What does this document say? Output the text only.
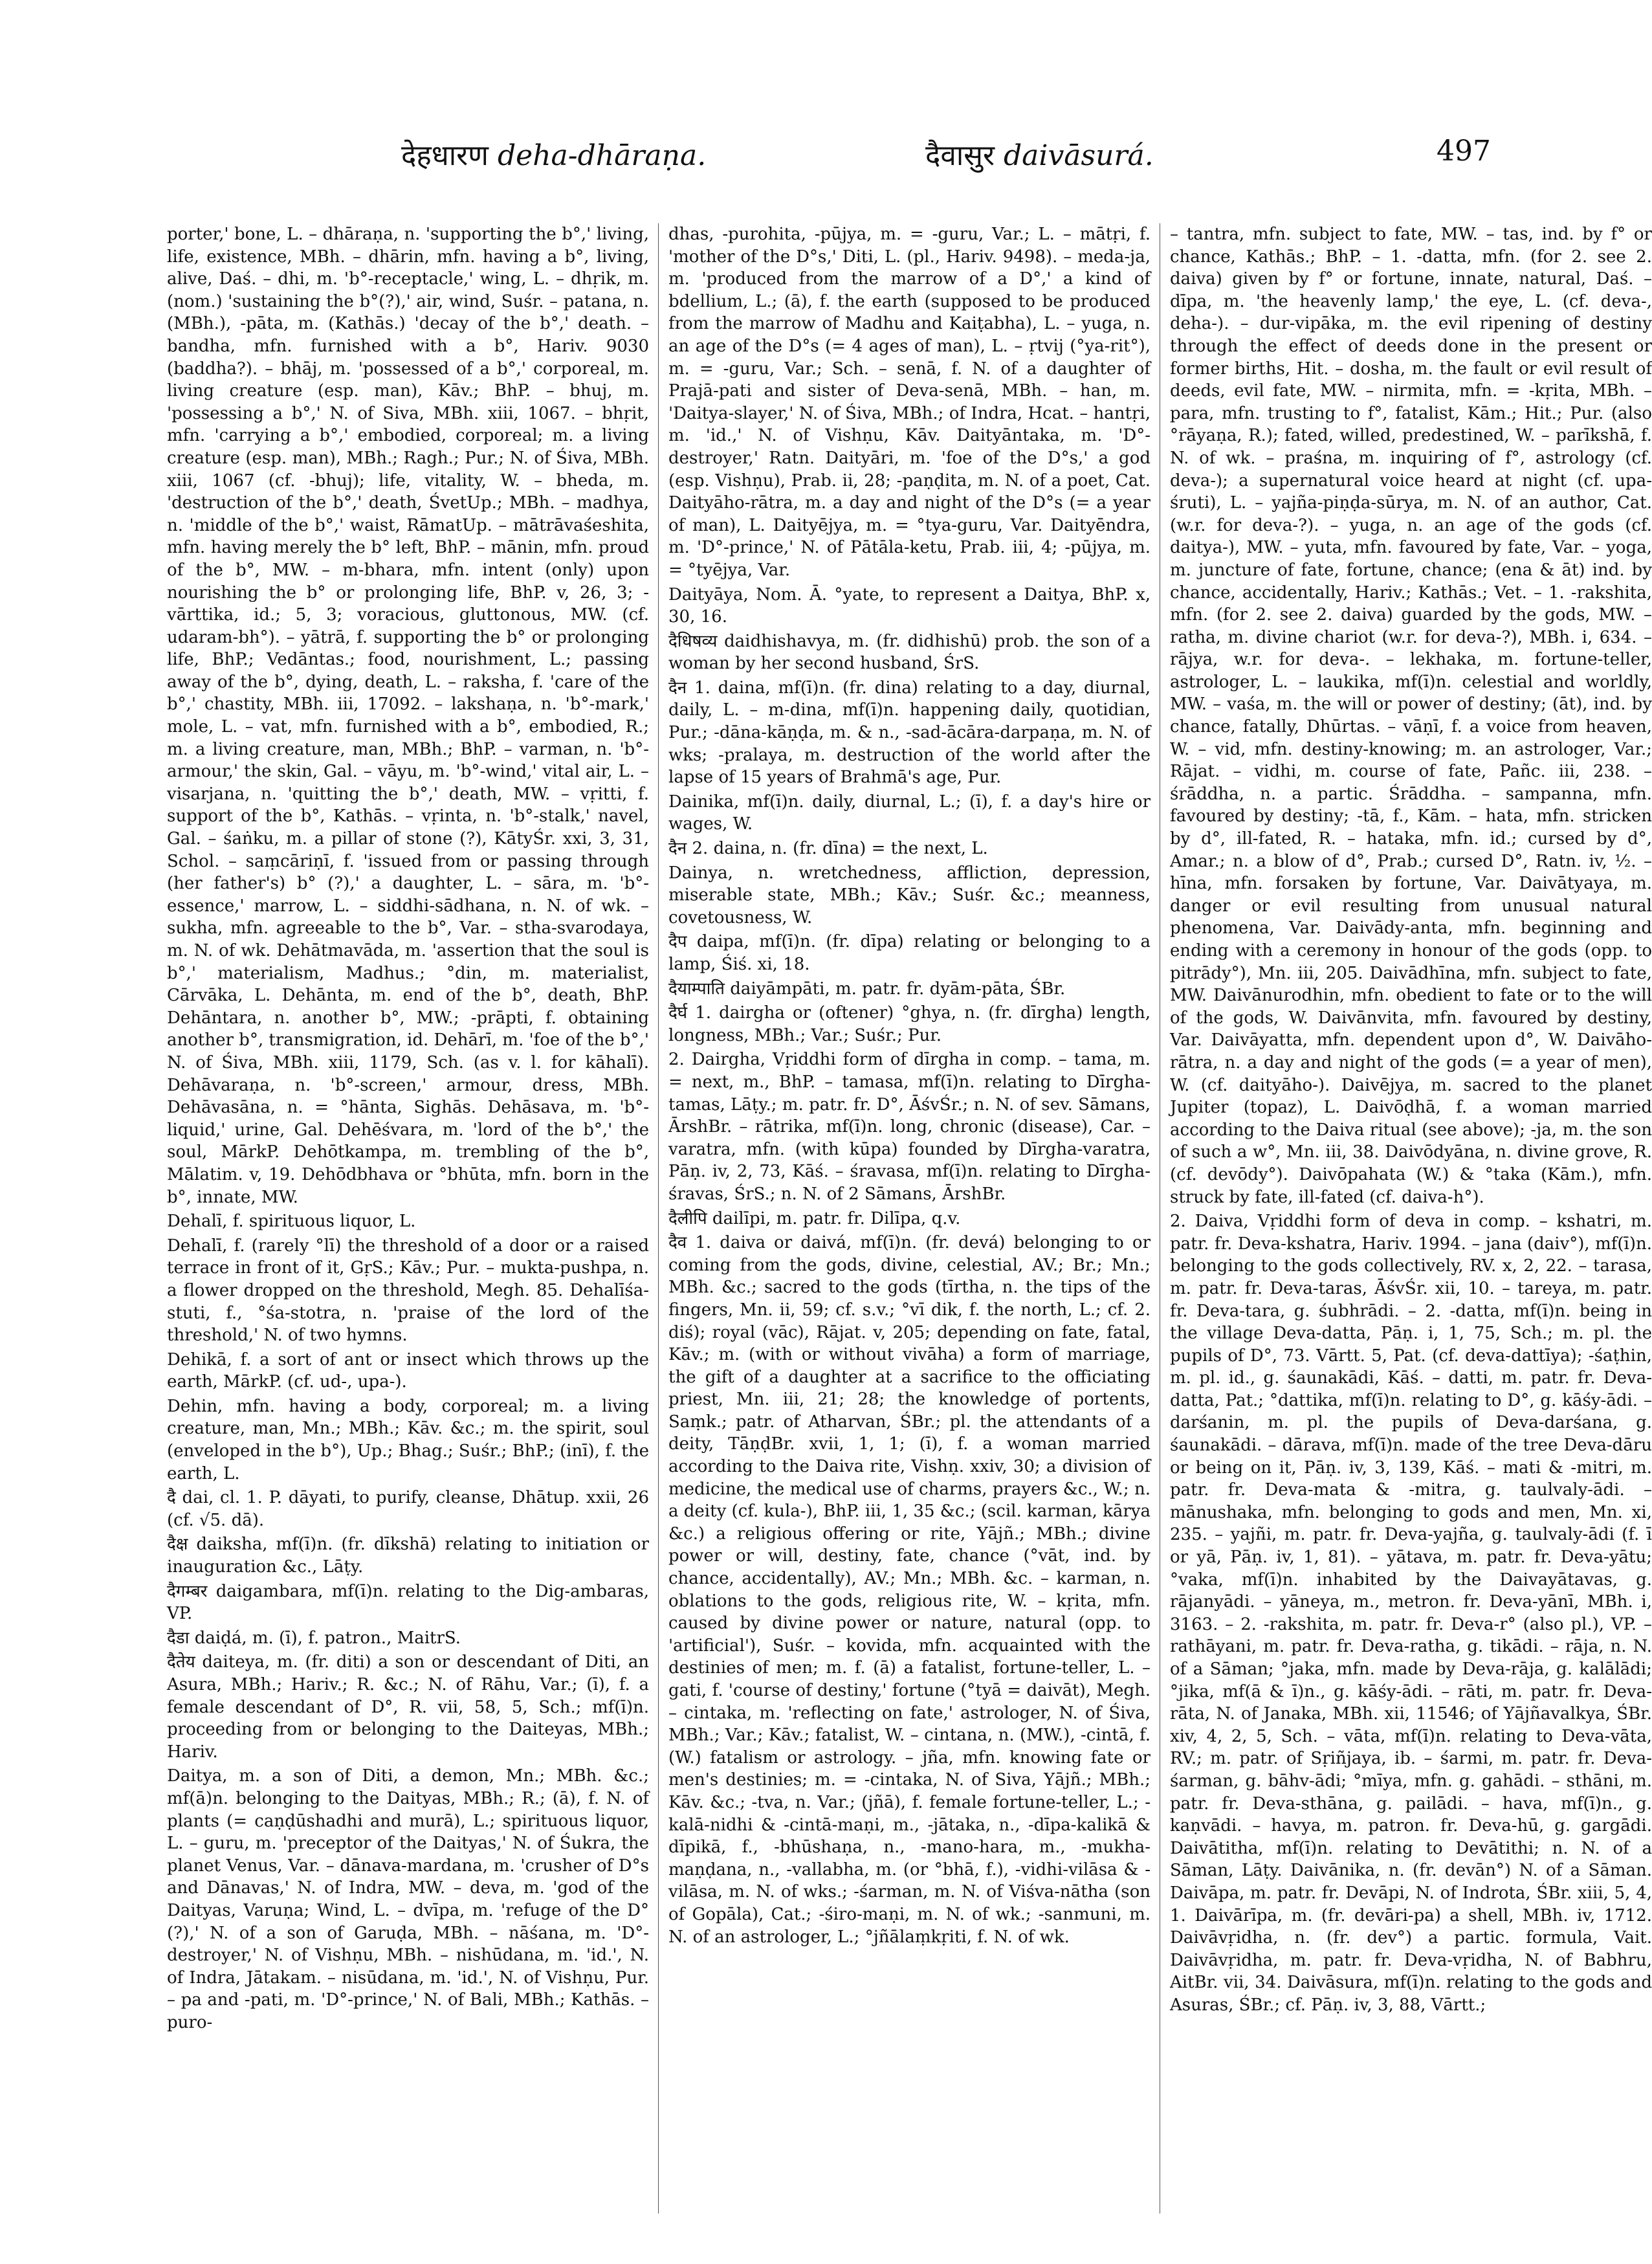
देहधारण deha-dhāraṇa.	दैवासुर daivāsurá.	497

porter,' bone, L. – dhāraṇa, n. 'supporting the b°,' living, life, existence, MBh. – dhārin, mfn. having a b°, living, alive, Daś. – dhi, m. 'b°-receptacle,' wing, L. – dhṛik, m. (nom.) 'sustaining the b°(?),' air, wind, Suśr. – patana, n. (MBh.), -pāta, m. (Kathās.) 'decay of the b°,' death. – bandha, mfn. furnished with a b°, Hariv. 9030 (baddha?). – bhāj, m. 'possessed of a b°,' corporeal, m. living creature (esp. man), Kāv.; BhP. – bhuj, m. 'possessing a b°,' N. of Siva, MBh. xiii, 1067. – bhṛit, mfn. 'carrying a b°,' embodied, corporeal; m. a living creature (esp. man), MBh.; Ragh.; Pur.; N. of Śiva, MBh. xiii, 1067 (cf. -bhuj); life, vitality, W. – bheda, m. 'destruction of the b°,' death, ŚvetUp.; MBh. – madhya, n. 'middle of the b°,' waist, RāmatUp. – mātrāvaśeshita, mfn. having merely the b° left, BhP. – mānin, mfn. proud of the b°, MW. – m-bhara, mfn. intent (only) upon nourishing the b° or prolonging life, BhP. v, 26, 3; -vārttika, id.; 5, 3; voracious, gluttonous, MW. (cf. udaram-bh°). – yātrā, f. supporting the b° or prolonging life, BhP.; Vedāntas.; food, nourishment, L.; passing away of the b°, dying, death, L. – raksha, f. 'care of the b°,' chastity, MBh. iii, 17092. – lakshaṇa, n. 'b°-mark,' mole, L. – vat, mfn. furnished with a b°, embodied, R.; m. a living creature, man, MBh.; BhP. – varman, n. 'b°-armour,' the skin, Gal. – vāyu, m. 'b°-wind,' vital air, L. – visarjana, n. 'quitting the b°,' death, MW. – vṛitti, f. support of the b°, Kathās. – vṛinta, n. 'b°-stalk,' navel, Gal. – śaṅku, m. a pillar of stone (?), KātyŚr. xxi, 3, 31, Schol. – saṃcāriṇī, f. 'issued from or passing through (her father's) b° (?),' a daughter, L. – sāra, m. 'b°-essence,' marrow, L. – siddhi-sādhana, n. N. of wk. – sukha, mfn. agreeable to the b°, Var. – stha-svarodaya, m. N. of wk. Dehātmavāda, m. 'assertion that the soul is b°,' materialism, Madhus.; °din, m. materialist, Cārvāka, L. Dehānta, m. end of the b°, death, BhP. Dehāntara, n. another b°, MW.; -prāpti, f. obtaining another b°, transmigration, id. Dehārī, m. 'foe of the b°,' N. of Śiva, MBh. xiii, 1179, Sch. (as v. l. for kāhalī). Dehāvaraṇa, n. 'b°-screen,' armour, dress, MBh. Dehāvasāna, n. = °hānta, Sighās. Dehāsava, m. 'b°-liquid,' urine, Gal. Dehēśvara, m. 'lord of the b°,' the soul, MārkP. Dehōtkampa, m. trembling of the b°, Mālatim. v, 19. Dehōdbhava or °bhūta, mfn. born in the b°, innate, MW.

Dehalī, f. spirituous liquor, L.

Dehalī, f. (rarely °lī) the threshold of a door or a raised terrace in front of it, GṛS.; Kāv.; Pur. – mukta-pushpa, n. a flower dropped on the threshold, Megh. 85. Dehalīśa-stuti, f., °śa-stotra, n. 'praise of the lord of the threshold,' N. of two hymns.

Dehikā, f. a sort of ant or insect which throws up the earth, MārkP. (cf. ud-, upa-).

Dehin, mfn. having a body, corporeal; m. a living creature, man, Mn.; MBh.; Kāv. &c.; m. the spirit, soul (enveloped in the b°), Up.; Bhag.; Suśr.; BhP.; (inī), f. the earth, L.

दै dai, cl. 1. P. dāyati, to purify, cleanse, Dhātup. xxii, 26 (cf. √5. dā).

दैक्ष daiksha, mf(ī)n. (fr. dīkshā) relating to initiation or inauguration &c., Lāṭy.

दैगम्बर daigambara, mf(ī)n. relating to the Dig-ambaras, VP.

दैडा daiḍá, m. (ī), f. patron., MaitrS.

दैतेय daiteya, m. (fr. diti) a son or descendant of Diti, an Asura, MBh.; Hariv.; R. &c.; N. of Rāhu, Var.; (ī), f. a female descendant of D°, R. vii, 58, 5, Sch.; mf(ī)n. proceeding from or belonging to the Daiteyas, MBh.; Hariv.

Daitya, m. a son of Diti, a demon, Mn.; MBh. &c.; mf(ā)n. belonging to the Daityas, MBh.; R.; (ā), f. N. of plants (= caṇḍūshadhi and murā), L.; spirituous liquor, L. – guru, m. 'preceptor of the Daityas,' N. of Śukra, the planet Venus, Var. – dānava-mardana, m. 'crusher of D°s and Dānavas,' N. of Indra, MW. – deva, m. 'god of the Daityas, Varuṇa; Wind, L. – dvīpa, m. 'refuge of the D°(?),' N. of a son of Garuḍa, MBh. – nāśana, m. 'D°-destroyer,' N. of Vishṇu, MBh. – nishūdana, m. 'id.', N. of Indra, Jātakam. – nisūdana, m. 'id.', N. of Vishṇu, Pur. – pa and -pati, m. 'D°-prince,' N. of Bali, MBh.; Kathās. – puro-

dhas, -purohita, -pūjya, m. = -guru, Var.; L. – mātṛi, f. 'mother of the D°s,' Diti, L. (pl., Hariv. 9498). – meda-ja, m. 'produced from the marrow of a D°,' a kind of bdellium, L.; (ā), f. the earth (supposed to be produced from the marrow of Madhu and Kaiṭabha), L. – yuga, n. an age of the D°s (= 4 ages of man), L. – ṛtvij (°ya-rit°), m. = -guru, Var.; Sch. – senā, f. N. of a daughter of Prajā-pati and sister of Deva-senā, MBh. – han, m. 'Daitya-slayer,' N. of Śiva, MBh.; of Indra, Hcat. – hantṛi, m. 'id.,' N. of Vishṇu, Kāv. Daityāntaka, m. 'D°-destroyer,' Ratn. Daityāri, m. 'foe of the D°s,' a god (esp. Vishṇu), Prab. ii, 28; -paṇḍita, m. N. of a poet, Cat. Daityāho-rātra, m. a day and night of the D°s (= a year of man), L. Daityējya, m. = °tya-guru, Var. Daityēndra, m. 'D°-prince,' N. of Pātāla-ketu, Prab. iii, 4; -pūjya, m. = °tyējya, Var.

Daityāya, Nom. Ā. °yate, to represent a Daitya, BhP. x, 30, 16.

दैधिषव्य daidhishavya, m. (fr. didhishū) prob. the son of a woman by her second husband, ŚrS.

दैन 1. daina, mf(ī)n. (fr. dina) relating to a day, diurnal, daily, L. – m-dina, mf(ī)n. happening daily, quotidian, Pur.; -dāna-kāṇḍa, m. & n., -sad-ācāra-darpaṇa, m. N. of wks; -pralaya, m. destruction of the world after the lapse of 15 years of Brahmā's age, Pur.

Dainika, mf(ī)n. daily, diurnal, L.; (ī), f. a day's hire or wages, W.

दैन 2. daina, n. (fr. dīna) = the next, L.

Dainya, n. wretchedness, affliction, depression, miserable state, MBh.; Kāv.; Suśr. &c.; meanness, covetousness, W.

दैप daipa, mf(ī)n. (fr. dīpa) relating or belonging to a lamp, Śiś. xi, 18.

दैयाम्पाति daiyāmpāti, m. patr. fr. dyām-pāta, ŚBr.

दैर्घ 1. dairgha or (oftener) °ghya, n. (fr. dīrgha) length, longness, MBh.; Var.; Suśr.; Pur.

2. Dairgha, Vṛiddhi form of dīrgha in comp. – tama, m. = next, m., BhP. – tamasa, mf(ī)n. relating to Dīrgha-tamas, Lāṭy.; m. patr. fr. D°, ĀśvŚr.; n. N. of sev. Sāmans, ĀrshBr. – rātrika, mf(ī)n. long, chronic (disease), Car. – varatra, mfn. (with kūpa) founded by Dīrgha-varatra, Pāṇ. iv, 2, 73, Kāś. – śravasa, mf(ī)n. relating to Dīrgha-śravas, ŚrS.; n. N. of 2 Sāmans, ĀrshBr.

दैलीपि dailīpi, m. patr. fr. Dilīpa, q.v.

दैव 1. daiva or daivá, mf(ī)n. (fr. devá) belonging to or coming from the gods, divine, celestial, AV.; Br.; Mn.; MBh. &c.; sacred to the gods (tīrtha, n. the tips of the fingers, Mn. ii, 59; cf. s.v.; °vī dik, f. the north, L.; cf. 2. diś); royal (vāc), Rājat. v, 205; depending on fate, fatal, Kāv.; m. (with or without vivāha) a form of marriage, the gift of a daughter at a sacrifice to the officiating priest, Mn. iii, 21; 28; the knowledge of portents, Saṃk.; patr. of Atharvan, ŚBr.; pl. the attendants of a deity, TāṇḍBr. xvii, 1, 1; (ī), f. a woman married according to the Daiva rite, Vishṇ. xxiv, 30; a division of medicine, the medical use of charms, prayers &c., W.; n. a deity (cf. kula-), BhP. iii, 1, 35 &c.; (scil. karman, kārya &c.) a religious offering or rite, Yājñ.; MBh.; divine power or will, destiny, fate, chance (°vāt, ind. by chance, accidentally), AV.; Mn.; MBh. &c. – karman, n. oblations to the gods, religious rite, W. – kṛita, mfn. caused by divine power or nature, natural (opp. to 'artificial'), Suśr. – kovida, mfn. acquainted with the destinies of men; m. f. (ā) a fatalist, fortune-teller, L. – gati, f. 'course of destiny,' fortune (°tyā = daivāt), Megh. – cintaka, m. 'reflecting on fate,' astrologer, N. of Śiva, MBh.; Var.; Kāv.; fatalist, W. – cintana, n. (MW.), -cintā, f. (W.) fatalism or astrology. – jña, mfn. knowing fate or men's destinies; m. = -cintaka, N. of Siva, Yājñ.; MBh.; Kāv. &c.; -tva, n. Var.; (jñā), f. female fortune-teller, L.; -kalā-nidhi & -cintā-maṇi, m., -jātaka, n., -dīpa-kalikā & dīpikā, f., -bhūshaṇa, n., -mano-hara, m., -mukha-maṇḍana, n., -vallabha, m. (or °bhā, f.), -vidhi-vilāsa & -vilāsa, m. N. of wks.; -śarman, m. N. of Viśva-nātha (son of Gopāla), Cat.; -śiro-maṇi, m. N. of wk.; -sanmuni, m. N. of an astrologer, L.; °jñālaṃkṛiti, f. N. of wk.

– tantra, mfn. subject to fate, MW. – tas, ind. by f° or chance, Kathās.; BhP. – 1. -datta, mfn. (for 2. see 2. daiva) given by f° or fortune, innate, natural, Daś. – dīpa, m. 'the heavenly lamp,' the eye, L. (cf. deva-, deha-). – dur-vipāka, m. the evil ripening of destiny through the effect of deeds done in the present or former births, Hit. – dosha, m. the fault or evil result of deeds, evil fate, MW. – nirmita, mfn. = -kṛita, MBh. – para, mfn. trusting to f°, fatalist, Kām.; Hit.; Pur. (also °rāyaṇa, R.); fated, willed, predestined, W. – parīkshā, f. N. of wk. – praśna, m. inquiring of f°, astrology (cf. deva-); a supernatural voice heard at night (cf. upa-śruti), L. – yajña-piṇḍa-sūrya, m. N. of an author, Cat. (w.r. for deva-?). – yuga, n. an age of the gods (cf. daitya-), MW. – yuta, mfn. favoured by fate, Var. – yoga, m. juncture of fate, fortune, chance; (ena & āt) ind. by chance, accidentally, Hariv.; Kathās.; Vet. – 1. -rakshita, mfn. (for 2. see 2. daiva) guarded by the gods, MW. – ratha, m. divine chariot (w.r. for deva-?), MBh. i, 634. – rājya, w.r. for deva-. – lekhaka, m. fortune-teller, astrologer, L. – laukika, mf(ī)n. celestial and worldly, MW. – vaśa, m. the will or power of destiny; (āt), ind. by chance, fatally, Dhūrtas. – vāṇī, f. a voice from heaven, W. – vid, mfn. destiny-knowing; m. an astrologer, Var.; Rājat. – vidhi, m. course of fate, Pañc. iii, 238. – śrāddha, n. a partic. Śrāddha. – sampanna, mfn. favoured by destiny; -tā, f., Kām. – hata, mfn. stricken by d°, ill-fated, R. – hataka, mfn. id.; cursed by d°, Amar.; n. a blow of d°, Prab.; cursed D°, Ratn. iv, ½. – hīna, mfn. forsaken by fortune, Var. Daivātyaya, m. danger or evil resulting from unusual natural phenomena, Var. Daivādy-anta, mfn. beginning and ending with a ceremony in honour of the gods (opp. to pitrādy°), Mn. iii, 205. Daivādhīna, mfn. subject to fate, MW. Daivānurodhin, mfn. obedient to fate or to the will of the gods, W. Daivānvita, mfn. favoured by destiny, Var. Daivāyatta, mfn. dependent upon d°, W. Daivāho-rātra, n. a day and night of the gods (= a year of men), W. (cf. daityāho-). Daivējya, m. sacred to the planet Jupiter (topaz), L. Daivōḍhā, f. a woman married according to the Daiva ritual (see above); -ja, m. the son of such a w°, Mn. iii, 38. Daivōdyāna, n. divine grove, R. (cf. devōdy°). Daivōpahata (W.) & °taka (Kām.), mfn. struck by fate, ill-fated (cf. daiva-h°).

2. Daiva, Vṛiddhi form of deva in comp. – kshatri, m. patr. fr. Deva-kshatra, Hariv. 1994. – jana (daiv°), mf(ī)n. belonging to the gods collectively, RV. x, 2, 22. – tarasa, m. patr. fr. Deva-taras, ĀśvŚr. xii, 10. – tareya, m. patr. fr. Deva-tara, g. śubhrādi. – 2. -datta, mf(ī)n. being in the village Deva-datta, Pāṇ. i, 1, 75, Sch.; m. pl. the pupils of D°, 73. Vārtt. 5, Pat. (cf. deva-dattīya); -śaṭhin, m. pl. id., g. śaunakādi, Kāś. – datti, m. patr. fr. Deva-datta, Pat.; °dattika, mf(ī)n. relating to D°, g. kāśy-ādi. – darśanin, m. pl. the pupils of Deva-darśana, g. śaunakādi. – dārava, mf(ī)n. made of the tree Deva-dāru or being on it, Pāṇ. iv, 3, 139, Kāś. – mati & -mitri, m. patr. fr. Deva-mata & -mitra, g. taulvaly-ādi. – mānushaka, mfn. belonging to gods and men, Mn. xi, 235. – yajñi, m. patr. fr. Deva-yajña, g. taulvaly-ādi (f. ī or yā, Pāṇ. iv, 1, 81). – yātava, m. patr. fr. Deva-yātu; °vaka, mf(ī)n. inhabited by the Daivayātavas, g. rājanyādi. – yāneya, m., metron. fr. Deva-yānī, MBh. i, 3163. – 2. -rakshita, m. patr. fr. Deva-r° (also pl.), VP. – rathāyani, m. patr. fr. Deva-ratha, g. tikādi. – rāja, n. N. of a Sāman; °jaka, mfn. made by Deva-rāja, g. kalālādi; °jika, mf(ā & ī)n., g. kāśy-ādi. – rāti, m. patr. fr. Deva-rāta, N. of Janaka, MBh. xii, 11546; of Yājñavalkya, ŚBr. xiv, 4, 2, 5, Sch. – vāta, mf(ī)n. relating to Deva-vāta, RV.; m. patr. of Sṛiñjaya, ib. – śarmi, m. patr. fr. Deva-śarman, g. bāhv-ādi; °mīya, mfn. g. gahādi. – sthāni, m. patr. fr. Deva-sthāna, g. pailādi. – hava, mf(ī)n., g. kaṇvādi. – havya, m. patron. fr. Deva-hū, g. gargādi. Daivātitha, mf(ī)n. relating to Devātithi; n. N. of a Sāman, Lāṭy. Daivānika, n. (fr. devān°) N. of a Sāman. Daivāpa, m. patr. fr. Devāpi, N. of Indrota, ŚBr. xiii, 5, 4, 1. Daivārīpa, m. (fr. devāri-pa) a shell, MBh. iv, 1712. Daivāvṛidha, n. (fr. dev°) a partic. formula, Vait. Daivāvṛidha, m. patr. fr. Deva-vṛidha, N. of Babhru, AitBr. vii, 34. Daivāsura, mf(ī)n. relating to the gods and Asuras, ŚBr.; cf. Pāṇ. iv, 3, 88, Vārtt.;
